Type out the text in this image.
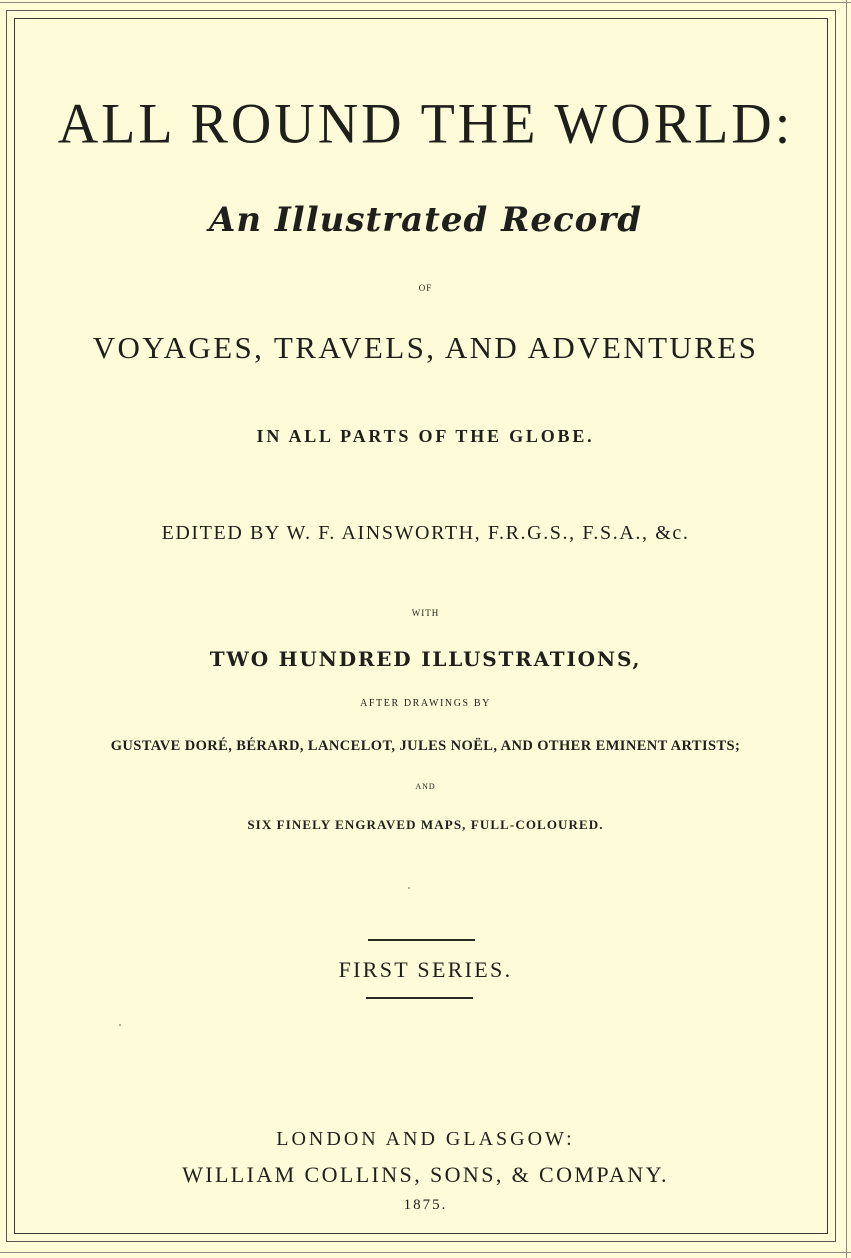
ALL ROUND THE WORLD:
An Illustrated Record
OF
VOYAGES, TRAVELS, AND ADVENTURES
IN ALL PARTS OF THE GLOBE.
EDITED BY W. F. AINSWORTH, F.R.G.S., F.S.A., &c.
WITH
TWO HUNDRED ILLUSTRATIONS,
AFTER DRAWINGS BY
GUSTAVE DORÉ, BÉRARD, LANCELOT, JULES NOËL, AND OTHER EMINENT ARTISTS;
AND
SIX FINELY ENGRAVED MAPS, FULL-COLOURED.
FIRST SERIES.
LONDON AND GLASGOW:
WILLIAM COLLINS, SONS, & COMPANY.
1875.
